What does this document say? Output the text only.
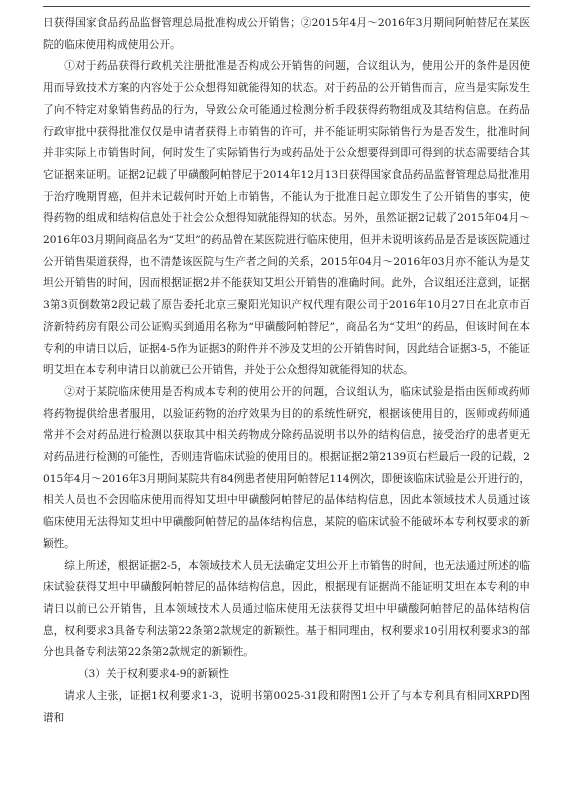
日获得国家食品药品监督管理总局批准构成公开销售；②2015年4月～2016年3月期间阿帕替尼在某医院的临床使用构成使用公开。

①对于药品获得行政机关注册批准是否构成公开销售的问题，合议组认为，使用公开的条件是因使用而导致技术方案的内容处于公众想得知就能得知的状态。对于药品的公开销售而言，应当是实际发生了向不特定对象销售药品的行为，导致公众可能通过检测分析手段获得药物组成及其结构信息。在药品行政审批中获得批准仅仅是申请者获得上市销售的许可，并不能证明实际销售行为是否发生，批准时间并非实际上市销售时间，何时发生了实际销售行为或药品处于公众想要得到即可得到的状态需要结合其它证据来证明。证据2记载了甲磺酸阿帕替尼于2014年12月13日获得国家食品药品监督管理总局批准用于治疗晚期胃癌，但并未记载何时开始上市销售，不能认为于批准日起立即发生了公开销售的事实，使得药物的组成和结构信息处于社会公众想得知就能得知的状态。另外，虽然证据2记载了2015年04月～2016年03月期间商品名为“艾坦”的药品曾在某医院进行临床使用，但并未说明该药品是否是该医院通过公开销售渠道获得，也不清楚该医院与生产者之间的关系，2015年04月～2016年03月亦不能认为是艾坦公开销售的时间，因而根据证据2并不能获知艾坦公开销售的准确时间。此外，合议组还注意到，证据3第3页倒数第2段记载了原告委托北京三聚阳光知识产权代理有限公司于2016年10月27日在北京市百济新特药房有限公司公证购买到通用名称为“甲磺酸阿帕替尼”，商品名为“艾坦”的药品，但该时间在本专利的申请日以后，证据4-5作为证据3的附件并不涉及艾坦的公开销售时间，因此结合证据3-5，不能证明艾坦在本专利申请日以前就已公开销售，并处于公众想得知就能得知的状态。

②对于某院临床使用是否构成本专利的使用公开的问题，合议组认为，临床试验是指由医师或药师将药物提供给患者服用，以验证药物的治疗效果为目的的系统性研究，根据该使用目的，医师或药师通常并不会对药品进行检测以获取其中相关药物成分除药品说明书以外的结构信息，接受治疗的患者更无对药品进行检测的可能性，否则违背临床试验的使用目的。根据证据2第2139页右栏最后一段的记载，2015年4月～2016年3月期间某院共有84例患者使用阿帕替尼114例次，即便该临床试验是公开进行的，相关人员也不会因临床使用而得知艾坦中甲磺酸阿帕替尼的晶体结构信息，因此本领域技术人员通过该临床使用无法得知艾坦中甲磺酸阿帕替尼的晶体结构信息，某院的临床试验不能破坏本专利权要求的新颖性。

综上所述，根据证据2-5，本领域技术人员无法确定艾坦公开上市销售的时间，也无法通过所述的临床试验获得艾坦中甲磺酸阿帕替尼的晶体结构信息，因此，根据现有证据尚不能证明艾坦在本专利的申请日以前已公开销售，且本领域技术人员通过临床使用无法获得艾坦中甲磺酸阿帕替尼的晶体结构信息，权利要求3具备专利法第22条第2款规定的新颖性。基于相同理由，权利要求10引用权利要求3的部分也具备专利法第22条第2款规定的新颖性。

（3）关于权利要求4-9的新颖性

请求人主张，证据1权利要求1-3，说明书第0025-31段和附图1公开了与本专利具有相同XRPD图谱和
